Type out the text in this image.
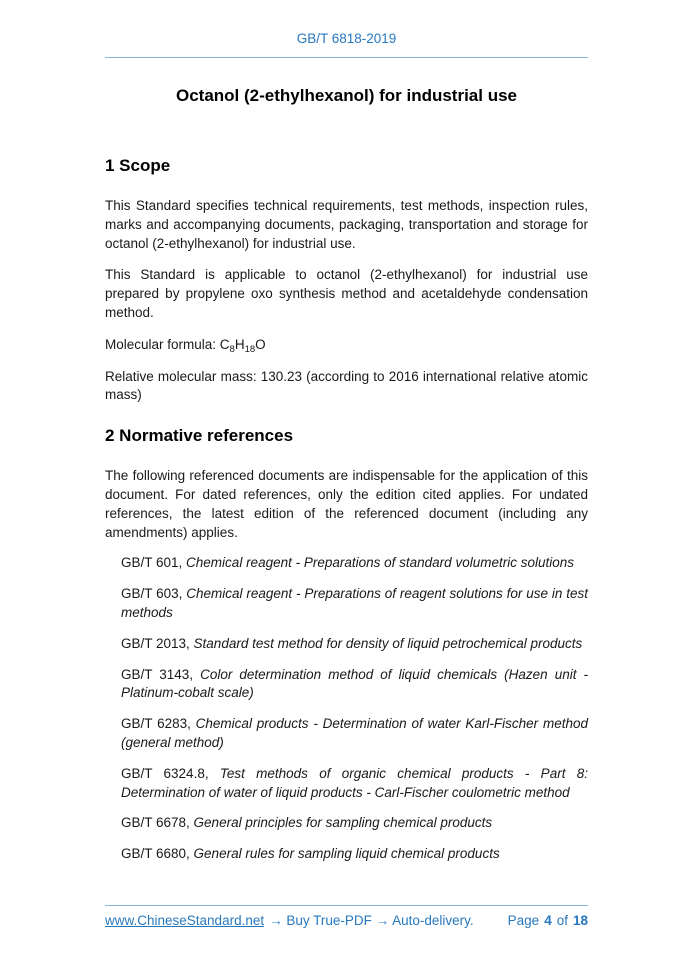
GB/T 6818-2019
Octanol (2-ethylhexanol) for industrial use
1 Scope

This Standard specifies technical requirements, test methods, inspection rules, marks and accompanying documents, packaging, transportation and storage for octanol (2-ethylhexanol) for industrial use.

This Standard is applicable to octanol (2-ethylhexanol) for industrial use prepared by propylene oxo synthesis method and acetaldehyde condensation method.

Molecular formula: $C_8H_{18}O$

Relative molecular mass: 130.23 (according to 2016 international relative atomic mass)

2 Normative references

The following referenced documents are indispensable for the application of this document. For dated references, only the edition cited applies. For undated references, the latest edition of the referenced document (including any amendments) applies.

GB/T 601, Chemical reagent - Preparations of standard volumetric solutions

GB/T 603, Chemical reagent - Preparations of reagent solutions for use in test methods

GB/T 2013, Standard test method for density of liquid petrochemical products

GB/T 3143, Color determination method of liquid chemicals (Hazen unit - Platinum-cobalt scale)

GB/T 6283, Chemical products - Determination of water Karl-Fischer method (general method)

GB/T 6324.8, Test methods of organic chemical products - Part 8: Determination of water of liquid products - Carl-Fischer coulometric method

GB/T 6678, General principles for sampling chemical products

GB/T 6680, General rules for sampling liquid chemical products

www.ChineseStandard.net → Buy True-PDF → Auto-delivery.	Page 4 of 18
